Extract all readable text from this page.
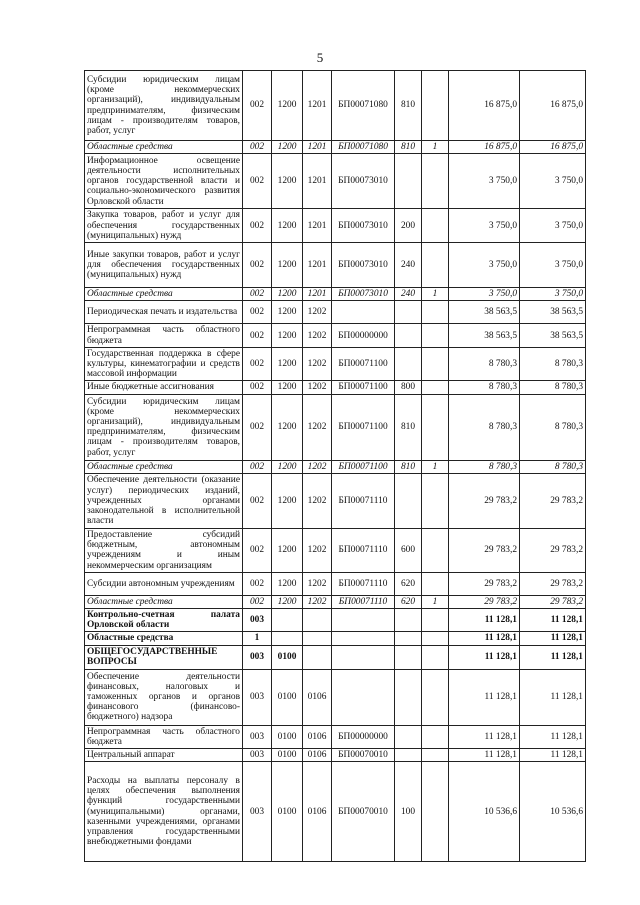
5
Субсидии юридическим лицам (кроме некоммерческих организаций), индивидуальным предпринимателям, физическим лицам - производителям товаров, работ, услуг	002	1200	1201	БП00071080	810		16 875,0	16 875,0
Областные средства	002	1200	1201	БП00071080	810	1	16 875,0	16 875,0
Информационное освещение деятельности исполнительных органов государственной власти и социально-экономического развития Орловской области	002	1200	1201	БП00073010			3 750,0	3 750,0
Закупка товаров, работ и услуг для обеспечения государственных (муниципальных) нужд	002	1200	1201	БП00073010	200		3 750,0	3 750,0
Иные закупки товаров, работ и услуг для обеспечения государственных (муниципальных) нужд	002	1200	1201	БП00073010	240		3 750,0	3 750,0
Областные средства	002	1200	1201	БП00073010	240	1	3 750,0	3 750,0
Периодическая печать и издательства	002	1200	1202				38 563,5	38 563,5
Непрограммная часть областного бюджета	002	1200	1202	БП00000000			38 563,5	38 563,5
Государственная поддержка в сфере культуры, кинематографии и средств массовой информации	002	1200	1202	БП00071100			8 780,3	8 780,3
Иные бюджетные ассигнования	002	1200	1202	БП00071100	800		8 780,3	8 780,3
Субсидии юридическим лицам (кроме некоммерческих организаций), индивидуальным предпринимателям, физическим лицам - производителям товаров, работ, услуг	002	1200	1202	БП00071100	810		8 780,3	8 780,3
Областные средства	002	1200	1202	БП00071100	810	1	8 780,3	8 780,3
Обеспечение деятельности (оказание услуг) периодических изданий, учрежденных органами законодательной в исполнительной власти	002	1200	1202	БП00071110			29 783,2	29 783,2
Предоставление субсидий бюджетным, автономным учреждениям и иным некоммерческим организациям	002	1200	1202	БП00071110	600		29 783,2	29 783,2
Субсидии автономным учреждениям	002	1200	1202	БП00071110	620		29 783,2	29 783,2
Областные средства	002	1200	1202	БП00071110	620	1	29 783,2	29 783,2
Контрольно-счетная палата Орловской области	003						11 128,1	11 128,1
Областные средства	1						11 128,1	11 128,1
ОБЩЕГОСУДАРСТВЕННЫЕ ВОПРОСЫ	003	0100					11 128,1	11 128,1
Обеспечение деятельности финансовых, налоговых и таможенных органов и органов финансового (финансово-бюджетного) надзора	003	0100	0106				11 128,1	11 128,1
Непрограммная часть областного бюджета	003	0100	0106	БП00000000			11 128,1	11 128,1
Центральный аппарат	003	0100	0106	БП00070010			11 128,1	11 128,1
Расходы на выплаты персоналу в целях обеспечения выполнения функций государственными (муниципальными) органами, казенными учреждениями, органами управления государственными внебюджетными фондами	003	0100	0106	БП00070010	100		10 536,6	10 536,6
